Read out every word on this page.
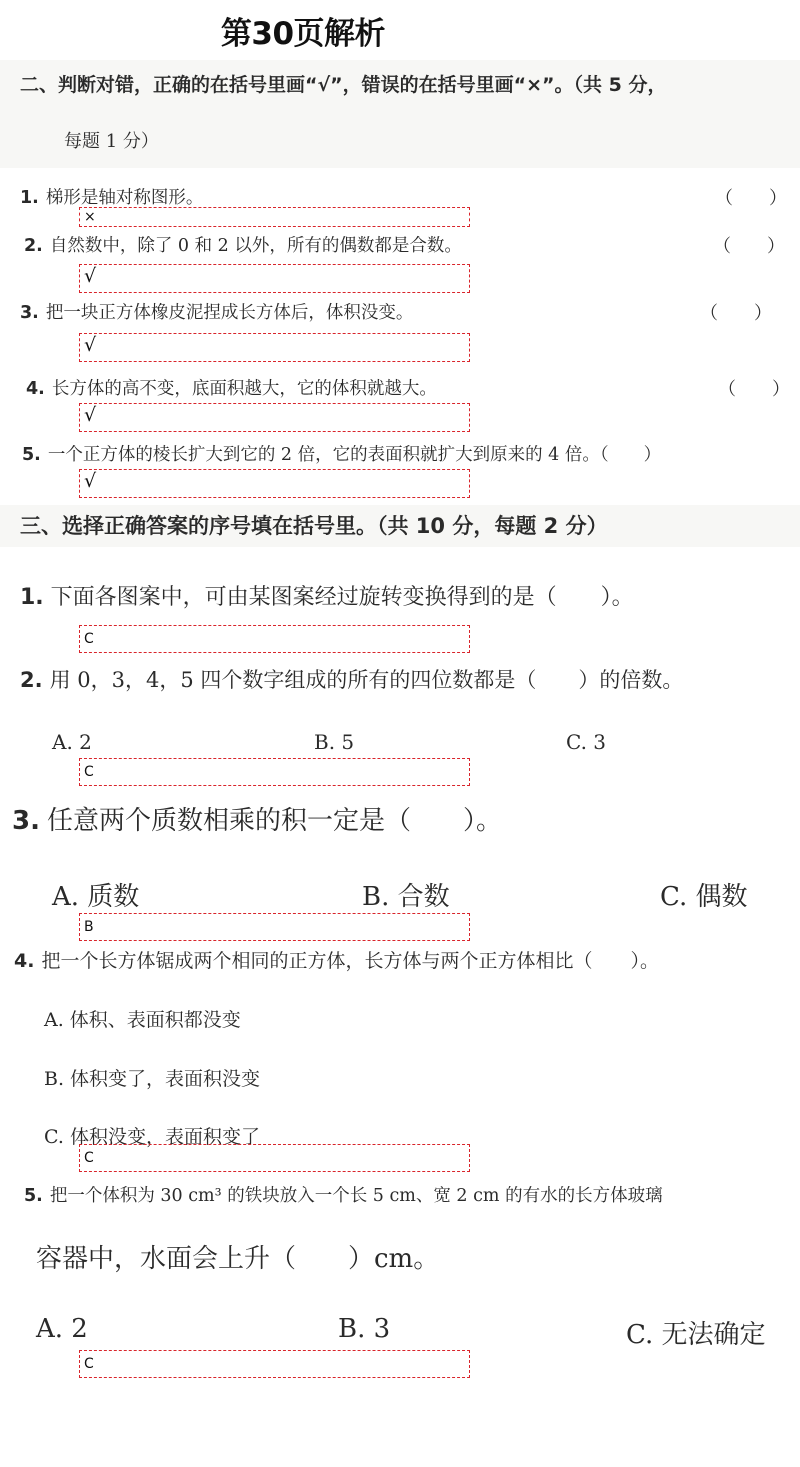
第30页解析
二、判断对错，正确的在括号里画“√”，错误的在括号里画“×”。（共 5 分，
每题 1 分）
1. 梯形是轴对称图形。	（　　）
×
2. 自然数中，除了 0 和 2 以外，所有的偶数都是合数。	（　　）
√
3. 把一块正方体橡皮泥捏成长方体后，体积没变。	（　　）
√
4. 长方体的高不变，底面积越大，它的体积就越大。	（　　）
√
5. 一个正方体的棱长扩大到它的 2 倍，它的表面积就扩大到原来的 4 倍。（　　）
√
三、选择正确答案的序号填在括号里。（共 10 分，每题 2 分）
1. 下面各图案中，可由某图案经过旋转变换得到的是（　　）。
C
2. 用 0，3，4，5 四个数字组成的所有的四位数都是（　　）的倍数。
A. 2	B. 5	C. 3
C
3. 任意两个质数相乘的积一定是（　　）。
A. 质数	B. 合数	C. 偶数
B
4. 把一个长方体锯成两个相同的正方体，长方体与两个正方体相比（　　）。
A. 体积、表面积都没变
B. 体积变了，表面积没变
C. 体积没变，表面积变了
C
5. 把一个体积为 30 cm³ 的铁块放入一个长 5 cm、宽 2 cm 的有水的长方体玻璃
容器中，水面会上升（　　）cm。
A. 2	B. 3	C. 无法确定
C
